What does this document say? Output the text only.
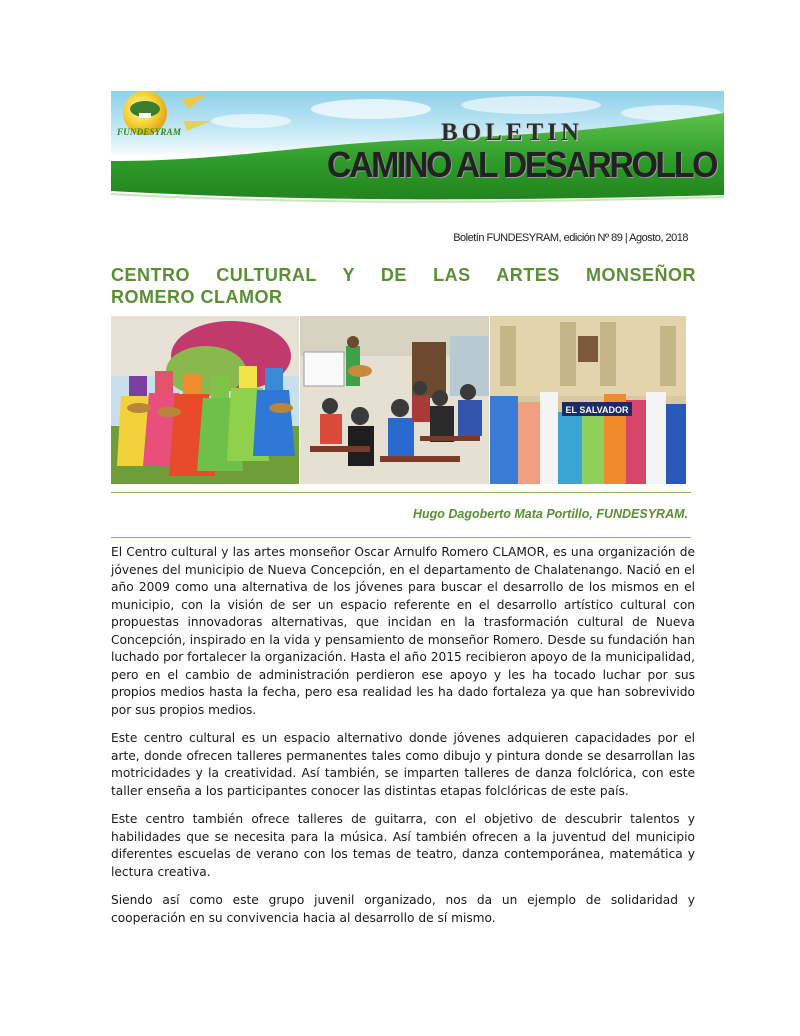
FUNDESYRAM	BOLETIN
CAMINO AL DESARROLLO
Boletín FUNDESYRAM, edición Nº 89 | Agosto, 2018
CENTRO CULTURAL Y DE LAS ARTES MONSEÑOR
ROMERO CLAMOR
EL SALVADOR
Hugo Dagoberto Mata Portillo, FUNDESYRAM.

El Centro cultural y las artes monseñor Oscar Arnulfo Romero CLAMOR, es una organización de jóvenes del municipio de Nueva Concepción, en el departamento de Chalatenango. Nació en el año 2009 como una alternativa de los jóvenes para buscar el desarrollo de los mismos en el municipio, con la visión de ser un espacio referente en el desarrollo artístico cultural con propuestas innovadoras alternativas, que incidan en la trasformación cultural de Nueva Concepción, inspirado en la vida y pensamiento de monseñor Romero. Desde su fundación han luchado por fortalecer la organización. Hasta el año 2015 recibieron apoyo de la municipalidad, pero en el cambio de administración perdieron ese apoyo y les ha tocado luchar por sus propios medios hasta la fecha, pero esa realidad les ha dado fortaleza ya que han sobrevivido por sus propios medios.

Este centro cultural es un espacio alternativo donde jóvenes adquieren capacidades por el arte, donde ofrecen talleres permanentes tales como dibujo y pintura donde se desarrollan las motricidades y la creatividad. Así también, se imparten talleres de danza folclórica, con este taller enseña a los participantes conocer las distintas etapas folclóricas de este país.

Este centro también ofrece talleres de guitarra, con el objetivo de descubrir talentos y habilidades que se necesita para la música. Así también ofrecen a la juventud del municipio diferentes escuelas de verano con los temas de teatro, danza contemporánea, matemática y lectura creativa.

Siendo así como este grupo juvenil organizado, nos da un ejemplo de solidaridad y cooperación en su convivencia hacia al desarrollo de sí mismo.
